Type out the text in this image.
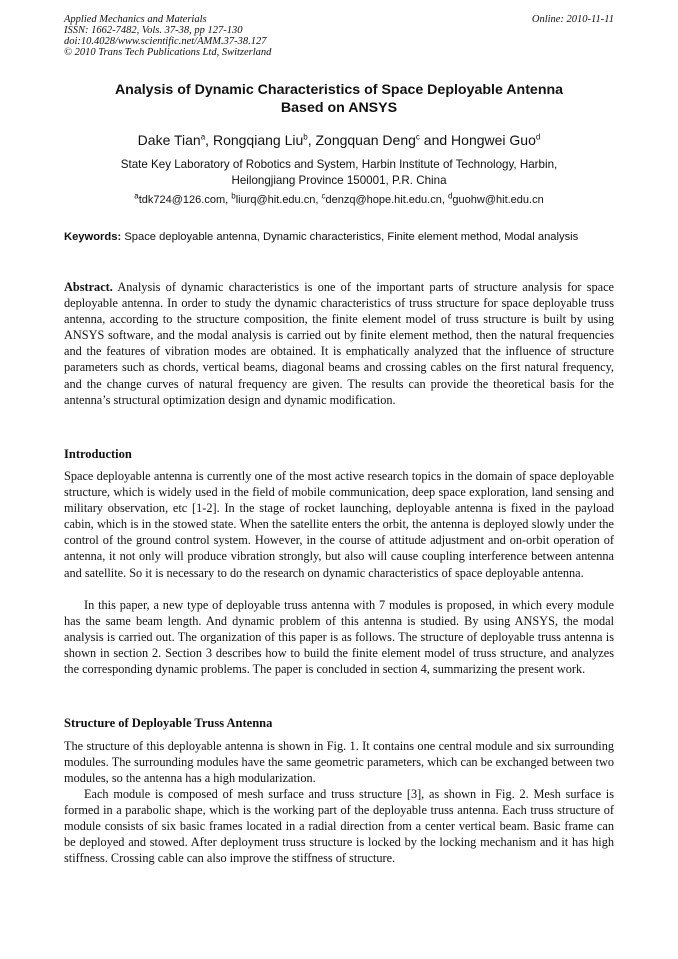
Applied Mechanics and Materials
ISSN: 1662-7482, Vols. 37-38, pp 127-130
doi:10.4028/www.scientific.net/AMM.37-38.127
© 2010 Trans Tech Publications Ltd, Switzerland
Online: 2010-11-11
Analysis of Dynamic Characteristics of Space Deployable Antenna
Based on ANSYS
Dake Tian$^a$, Rongqiang Liu$^b$, Zongquan Deng$^c$ and Hongwei Guo$^d$
State Key Laboratory of Robotics and System, Harbin Institute of Technology, Harbin,
Heilongjiang Province 150001, P.R. China
$^a$tdk724@126.com, $^b$liurq@hit.edu.cn, $^c$denzq@hope.hit.edu.cn, $^d$guohw@hit.edu.cn
Keywords: Space deployable antenna, Dynamic characteristics, Finite element method, Modal analysis
Abstract. Analysis of dynamic characteristics is one of the important parts of structure analysis for space deployable antenna. In order to study the dynamic characteristics of truss structure for space deployable truss antenna, according to the structure composition, the finite element model of truss structure is built by using ANSYS software, and the modal analysis is carried out by finite element method, then the natural frequencies and the features of vibration modes are obtained. It is emphatically analyzed that the influence of structure parameters such as chords, vertical beams, diagonal beams and crossing cables on the first natural frequency, and the change curves of natural frequency are given. The results can provide the theoretical basis for the antenna’s structural optimization design and dynamic modification.
Introduction

Space deployable antenna is currently one of the most active research topics in the domain of space deployable structure, which is widely used in the field of mobile communication, deep space exploration, land sensing and military observation, etc [1-2]. In the stage of rocket launching, deployable antenna is fixed in the payload cabin, which is in the stowed state. When the satellite enters the orbit, the antenna is deployed slowly under the control of the ground control system. However, in the course of attitude adjustment and on-orbit operation of antenna, it not only will produce vibration strongly, but also will cause coupling interference between antenna and satellite. So it is necessary to do the research on dynamic characteristics of space deployable antenna.

In this paper, a new type of deployable truss antenna with 7 modules is proposed, in which every module has the same beam length. And dynamic problem of this antenna is studied. By using ANSYS, the modal analysis is carried out. The organization of this paper is as follows. The structure of deployable truss antenna is shown in section 2. Section 3 describes how to build the finite element model of truss structure, and analyzes the corresponding dynamic problems. The paper is concluded in section 4, summarizing the present work.

Structure of Deployable Truss Antenna

The structure of this deployable antenna is shown in Fig. 1. It contains one central module and six surrounding modules. The surrounding modules have the same geometric parameters, which can be exchanged between two modules, so the antenna has a high modularization.

Each module is composed of mesh surface and truss structure [3], as shown in Fig. 2. Mesh surface is formed in a parabolic shape, which is the working part of the deployable truss antenna. Each truss structure of module consists of six basic frames located in a radial direction from a center vertical beam. Basic frame can be deployed and stowed. After deployment truss structure is locked by the locking mechanism and it has high stiffness. Crossing cable can also improve the stiffness of structure.
